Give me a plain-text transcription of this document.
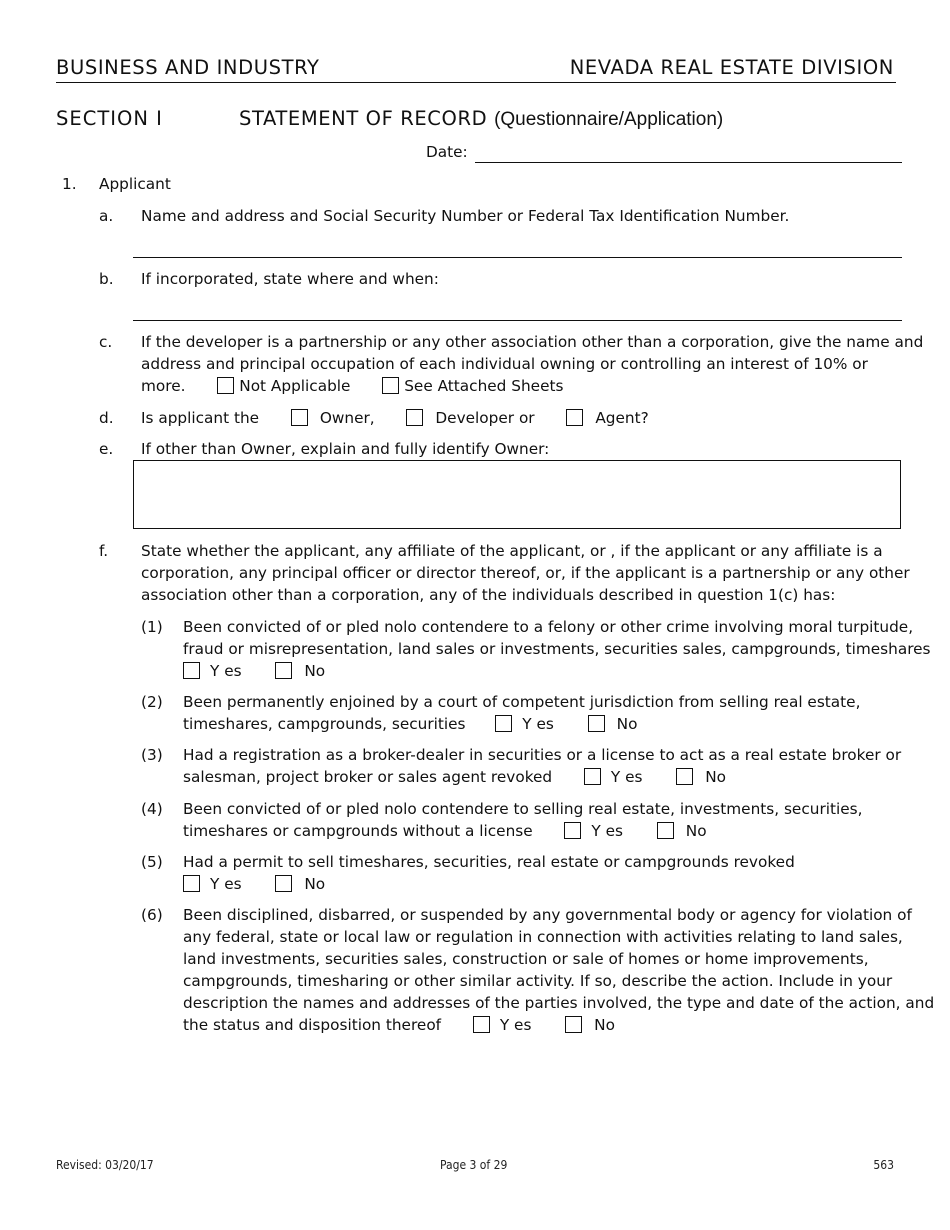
BUSINESS AND INDUSTRY	NEVADA REAL ESTATE DIVISION
SECTION I	STATEMENT OF RECORD (Questionnaire/Application)
Date:
1. Applicant
a. Name and address and Social Security Number or Federal Tax Identification Number.
b. If incorporated, state where and when:
c. If the developer is a partnership or any other association other than a corporation, give the name and
address and principal occupation of each individual owning or controlling an interest of 10% or
more.	Not Applicable	See Attached Sheets
d. Is applicant the	Owner,	Developer or	Agent?
e. If other than Owner, explain and fully identify Owner:
f. State whether the applicant, any affiliate of the applicant, or , if the applicant or any affiliate is a
corporation, any principal officer or director thereof, or, if the applicant is a partnership or any other
association other than a corporation, any of the individuals described in question 1(c) has:
(1) Been convicted of or pled nolo contendere to a felony or other crime involving moral turpitude,
fraud or misrepresentation, land sales or investments, securities sales, campgrounds, timeshares
Y es	No
(2) Been permanently enjoined by a court of competent jurisdiction from selling real estate,
timeshares, campgrounds, securities	Y es	No
(3) Had a registration as a broker-dealer in securities or a license to act as a real estate broker or
salesman, project broker or sales agent revoked	Y es	No
(4) Been convicted of or pled nolo contendere to selling real estate, investments, securities,
timeshares or campgrounds without a license	Y es	No
(5) Had a permit to sell timeshares, securities, real estate or campgrounds revoked
Y es	No
(6) Been disciplined, disbarred, or suspended by any governmental body or agency for violation of
any federal, state or local law or regulation in connection with activities relating to land sales,
land investments, securities sales, construction or sale of homes or home improvements,
campgrounds, timesharing or other similar activity. If so, describe the action. Include in your
description the names and addresses of the parties involved, the type and date of the action, and
the status and disposition thereof	Y es	No
Revised: 03/20/17	Page 3 of 29	563
